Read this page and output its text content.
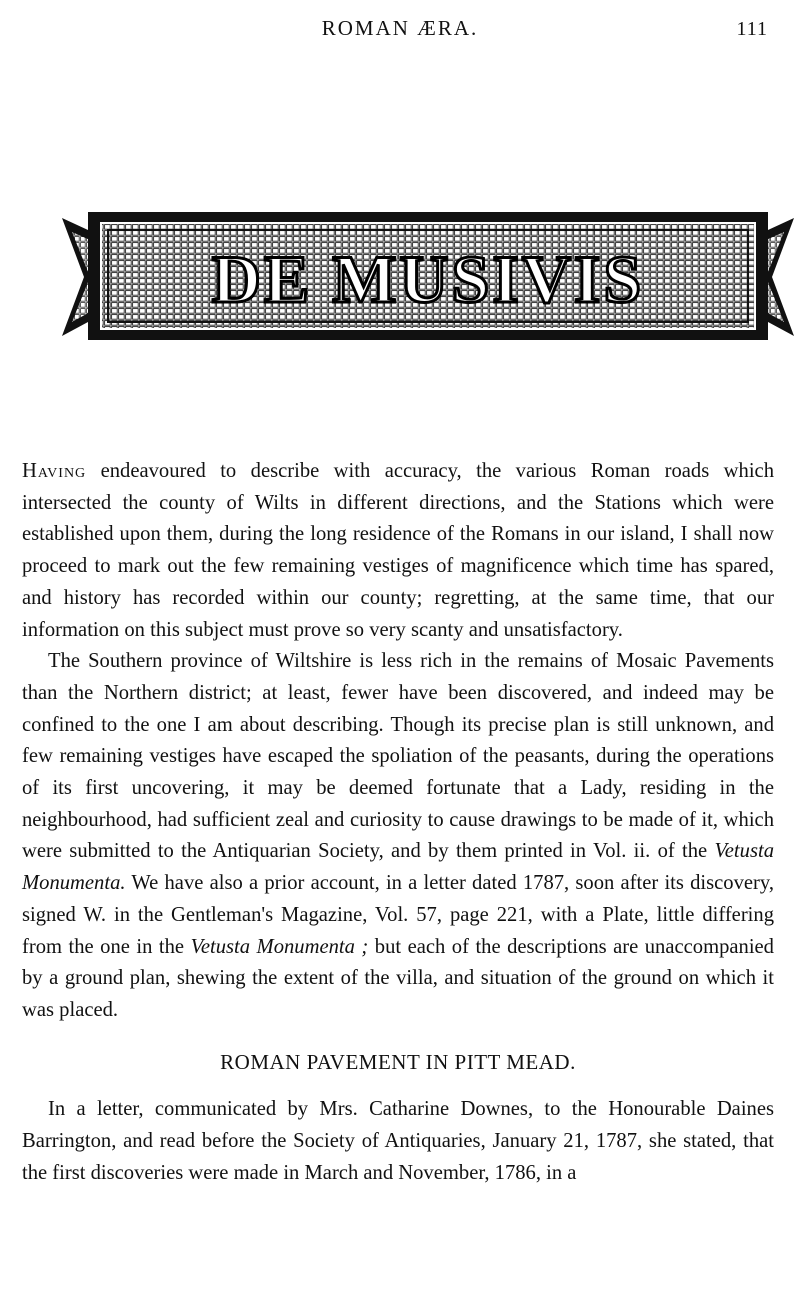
ROMAN ÆRA.	111
DE MUSIVIS

Having endeavoured to describe with accuracy, the various Roman roads which intersected the county of Wilts in different directions, and the Stations which were established upon them, during the long residence of the Romans in our island, I shall now proceed to mark out the few remaining vestiges of magnificence which time has spared, and history has recorded within our county; regretting, at the same time, that our information on this subject must prove so very scanty and unsatisfactory.

The Southern province of Wiltshire is less rich in the remains of Mosaic Pavements than the Northern district; at least, fewer have been discovered, and indeed may be confined to the one I am about describing. Though its precise plan is still unknown, and few remaining vestiges have escaped the spoliation of the peasants, during the operations of its first uncovering, it may be deemed fortunate that a Lady, residing in the neighbourhood, had sufficient zeal and curiosity to cause drawings to be made of it, which were submitted to the Antiquarian Society, and by them printed in Vol. ii. of the Vetusta Monumenta. We have also a prior account, in a letter dated 1787, soon after its discovery, signed W. in the Gentleman's Magazine, Vol. 57, page 221, with a Plate, little differing from the one in the Vetusta Monumenta ; but each of the descriptions are unaccompanied by a ground plan, shewing the extent of the villa, and situation of the ground on which it was placed.

ROMAN PAVEMENT IN PITT MEAD.

In a letter, communicated by Mrs. Catharine Downes, to the Honourable Daines Barrington, and read before the Society of Antiquaries, January 21, 1787, she stated, that the first discoveries were made in March and November, 1786, in a
